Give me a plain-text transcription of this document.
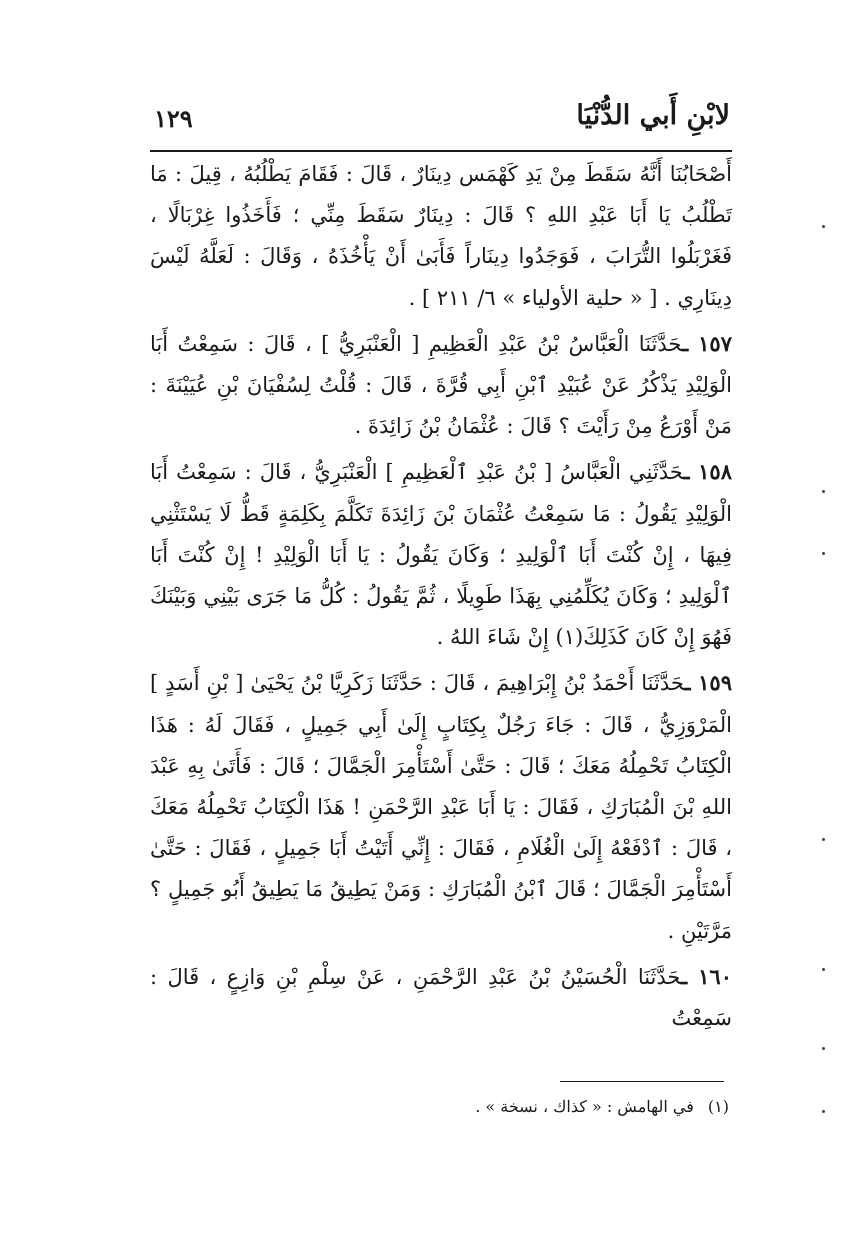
١٢٩	لابْنِ أَبي الدُّنْيَا

أَصْحَابُنَا أَنَّهُ سَقَطَ مِنْ يَدِ كَهْمَس دِينَارٌ ، قَالَ : فَقَامَ يَطْلُبُهُ ، قِيلَ : مَا تَطْلُبُ يَا أَبَا عَبْدِ اللهِ ؟ قَالَ : دِينَارٌ سَقَطَ مِنِّي ؛ فَأَخَذُوا غِرْبَالًا ، فَغَرْبَلُوا التُّرَابَ ، فَوَجَدُوا دِينَاراً فَأَبَىٰ أَنْ يَأْخُذَهُ ، وَقَالَ : لَعَلَّهُ لَيْسَ دِينَارِي . [ « حلية الأولياء » ٦/ ٢١١ ] .

١٥٧ ـحَدَّثَنَا الْعَبَّاسُ بْنُ عَبْدِ الْعَظِيمِ [ الْعَنْبَرِيُّ ] ، قَالَ : سَمِعْتُ أَبَا الْوَلِيْدِ يَذْكُرُ عَنْ عُبَيْدِ ٱبْنِ أَبِي قُرَّةَ ، قَالَ : قُلْتُ لِسُفْيَانَ بْنِ عُيَيْنَةَ : مَنْ أَوْرَعُ مِنْ رَأَيْتَ ؟ قَالَ : عُثْمَانُ بْنُ زَائِدَةَ .

١٥٨ ـحَدَّثَنِي الْعَبَّاسُ [ بْنُ عَبْدِ ٱلْعَظِيمِ ] الْعَنْبَرِيُّ ، قَالَ : سَمِعْتُ أَبَا الْوَلِيْدِ يَقُولُ : مَا سَمِعْتُ عُثْمَانَ بْنَ زَائِدَةَ تَكَلَّمَ بِكَلِمَةٍ قَطُّ لَا يَسْتَثْنِي فِيهَا ، إِنْ كُنْتَ أَبَا ٱلْوَلِيدِ ؛ وَكَانَ يَقُولُ : يَا أَبَا الْوَلِيْدِ ! إِنْ كُنْتَ أَبَا ٱلْوَلِيدِ ؛ وَكَانَ يُكَلِّمُنِي بِهَذَا طَوِيلًا ، ثُمَّ يَقُولُ : كُلُّ مَا جَرَى بَيْنِي وَبَيْنَكَ فَهُوَ إِنْ كَانَ كَذَلِكَ(١) إِنْ شَاءَ اللهُ .

١٥٩ ـحَدَّثَنَا أَحْمَدُ بْنُ إِبْرَاهِيمَ ، قَالَ : حَدَّثَنَا زَكَرِيَّا بْنُ يَحْيَىٰ [ بْنِ أَسَدٍ ] الْمَرْوَزِيُّ ، قَالَ : جَاءَ رَجُلٌ بِكِتَابٍ إِلَىٰ أَبِي جَمِيلٍ ، فَقَالَ لَهُ : هَذَا الْكِتَابُ تَحْمِلُهُ مَعَكَ ؛ قَالَ : حَتَّىٰ أَسْتَأْمِرَ الْجَمَّالَ ؛ قَالَ : فَأَتَىٰ بِهِ عَبْدَ اللهِ بْنَ الْمُبَارَكِ ، فَقَالَ : يَا أَبَا عَبْدِ الرَّحْمَنِ ! هَذَا الْكِتَابُ تَحْمِلُهُ مَعَكَ ، قَالَ : ٱدْفَعْهُ إِلَىٰ الْغُلَامِ ، فَقَالَ : إِنِّي أَتَيْتُ أَبَا جَمِيلٍ ، فَقَالَ : حَتَّىٰ أَسْتَأْمِرَ الْجَمَّالَ ؛ قَالَ ٱبْنُ الْمُبَارَكِ : وَمَنْ يَطِيقُ مَا يَطِيقُ أَبُو جَمِيلٍ ؟ مَرَّتَيْنِ .

١٦٠ ـحَدَّثَنَا الْحُسَيْنُ بْنُ عَبْدِ الرَّحْمَنِ ، عَنْ سِلْمِ بْنِ وَازِعٍ ، قَالَ : سَمِعْتُ

(١)في الهامش : « كذاك ، نسخة » .
